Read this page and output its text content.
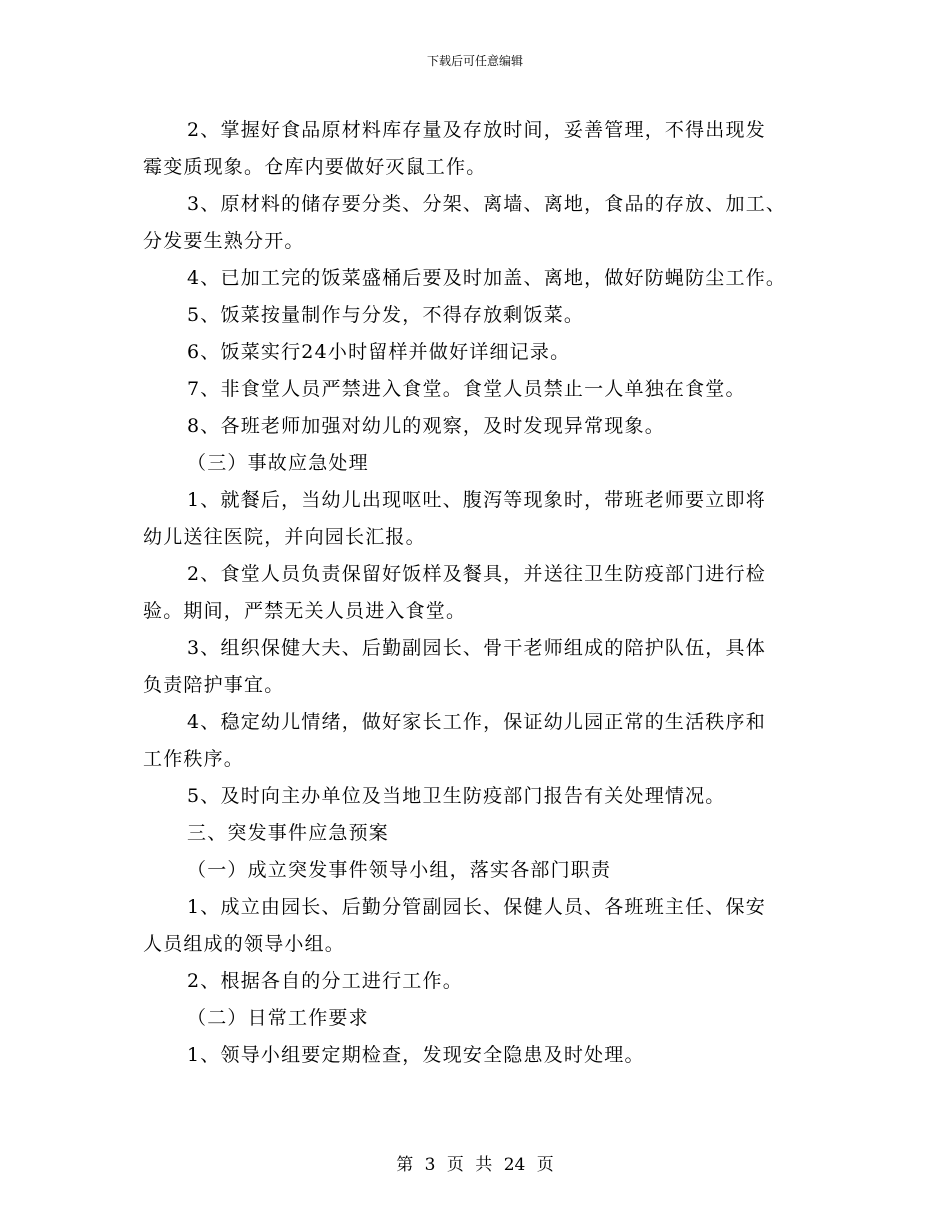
下载后可任意编辑

2、掌握好食品原材料库存量及存放时间，妥善管理，不得出现发

霉变质现象。仓库内要做好灭鼠工作。

3、原材料的储存要分类、分架、离墙、离地，食品的存放、加工、

分发要生熟分开。

4、已加工完的饭菜盛桶后要及时加盖、离地，做好防蝇防尘工作。

5、饭菜按量制作与分发，不得存放剩饭菜。

6、饭菜实行24小时留样并做好详细记录。

7、非食堂人员严禁进入食堂。食堂人员禁止一人单独在食堂。

8、各班老师加强对幼儿的观察，及时发现异常现象。

（三）事故应急处理

1、就餐后，当幼儿出现呕吐、腹泻等现象时，带班老师要立即将

幼儿送往医院，并向园长汇报。

2、食堂人员负责保留好饭样及餐具，并送往卫生防疫部门进行检

验。期间，严禁无关人员进入食堂。

3、组织保健大夫、后勤副园长、骨干老师组成的陪护队伍，具体

负责陪护事宜。

4、稳定幼儿情绪，做好家长工作，保证幼儿园正常的生活秩序和

工作秩序。

5、及时向主办单位及当地卫生防疫部门报告有关处理情况。

三、突发事件应急预案

（一）成立突发事件领导小组，落实各部门职责

1、成立由园长、后勤分管副园长、保健人员、各班班主任、保安

人员组成的领导小组。

2、根据各自的分工进行工作。

（二）日常工作要求

1、领导小组要定期检查，发现安全隐患及时处理。

第 3 页 共 24 页
